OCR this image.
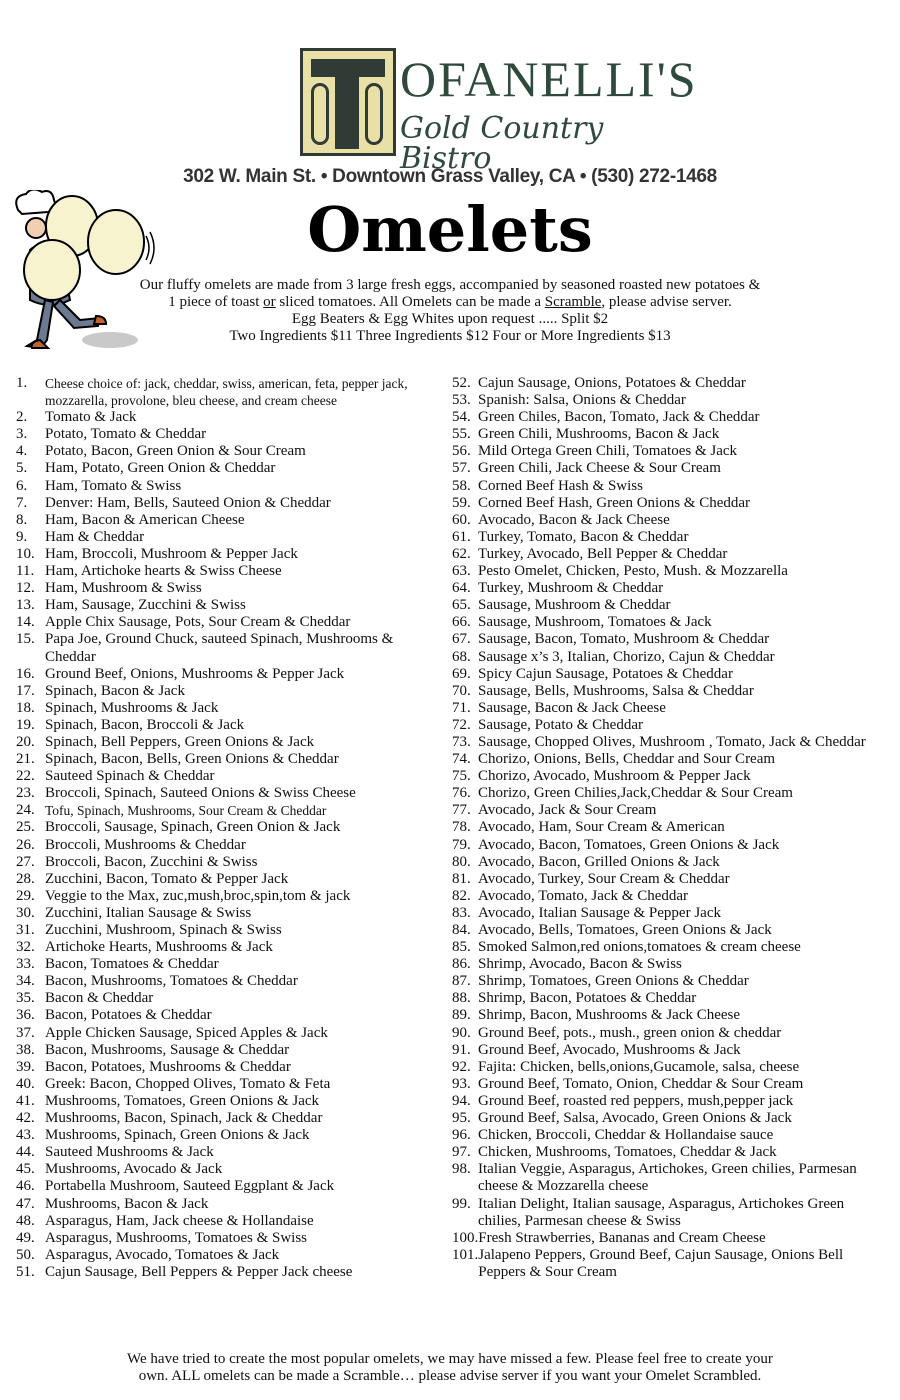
OFANELLI'S
Gold Country Bistro
302 W. Main St. • Downtown Grass Valley, CA • (530) 272-1468
Omelets
Our fluffy omelets are made from 3 large fresh eggs, accompanied by seasoned roasted new potatoes &
1 piece of toast or sliced tomatoes. All Omelets can be made a Scramble, please advise server.
Egg Beaters & Egg Whites upon request ..... Split $2
Two Ingredients $11 Three Ingredients $12 Four or More Ingredients $13
1.	Cheese choice of: jack, cheddar, swiss, american, feta, pepper jack, mozzarella, provolone, bleu cheese, and cream cheese
2.	Tomato & Jack
3.	Potato, Tomato & Cheddar
4.	Potato, Bacon, Green Onion & Sour Cream
5.	Ham, Potato, Green Onion & Cheddar
6.	Ham, Tomato & Swiss
7.	Denver: Ham, Bells, Sauteed Onion & Cheddar
8.	Ham, Bacon & American Cheese
9.	Ham & Cheddar
10. Ham, Broccoli, Mushroom & Pepper Jack
11. Ham, Artichoke hearts & Swiss Cheese
12. Ham, Mushroom & Swiss
13. Ham, Sausage, Zucchini & Swiss
14. Apple Chix Sausage, Pots, Sour Cream & Cheddar
15. Papa Joe, Ground Chuck, sauteed Spinach, Mushrooms & Cheddar
16. Ground Beef, Onions, Mushrooms & Pepper Jack
17. Spinach, Bacon & Jack
18. Spinach, Mushrooms & Jack
19. Spinach, Bacon, Broccoli & Jack
20. Spinach, Bell Peppers, Green Onions & Jack
21. Spinach, Bacon, Bells, Green Onions & Cheddar
22. Sauteed Spinach & Cheddar
23. Broccoli, Spinach, Sauteed Onions & Swiss Cheese
24. Tofu, Spinach, Mushrooms, Sour Cream & Cheddar
25. Broccoli, Sausage, Spinach, Green Onion & Jack
26. Broccoli, Mushrooms & Cheddar
27. Broccoli, Bacon, Zucchini & Swiss
28. Zucchini, Bacon, Tomato & Pepper Jack
29. Veggie to the Max, zuc,mush,broc,spin,tom & jack
30. Zucchini, Italian Sausage & Swiss
31. Zucchini, Mushroom, Spinach & Swiss
32. Artichoke Hearts, Mushrooms & Jack
33. Bacon, Tomatoes & Cheddar
34. Bacon, Mushrooms, Tomatoes & Cheddar
35. Bacon & Cheddar
36. Bacon, Potatoes & Cheddar
37. Apple Chicken Sausage, Spiced Apples & Jack
38. Bacon, Mushrooms, Sausage & Cheddar
39. Bacon, Potatoes, Mushrooms & Cheddar
40. Greek: Bacon, Chopped Olives, Tomato & Feta
41. Mushrooms, Tomatoes, Green Onions & Jack
42. Mushrooms, Bacon, Spinach, Jack & Cheddar
43. Mushrooms, Spinach, Green Onions & Jack
44. Sauteed Mushrooms & Jack
45. Mushrooms, Avocado & Jack
46. Portabella Mushroom, Sauteed Eggplant & Jack
47. Mushrooms, Bacon & Jack
48. Asparagus, Ham, Jack cheese & Hollandaise
49. Asparagus, Mushrooms, Tomatoes & Swiss
50. Asparagus, Avocado, Tomatoes & Jack
51. Cajun Sausage, Bell Peppers & Pepper Jack cheese
52. Cajun Sausage, Onions, Potatoes & Cheddar
53. Spanish: Salsa, Onions & Cheddar
54. Green Chiles, Bacon, Tomato, Jack & Cheddar
55. Green Chili, Mushrooms, Bacon & Jack
56. Mild Ortega Green Chili, Tomatoes & Jack
57. Green Chili, Jack Cheese & Sour Cream
58. Corned Beef Hash & Swiss
59. Corned Beef Hash, Green Onions & Cheddar
60. Avocado, Bacon & Jack Cheese
61. Turkey, Tomato, Bacon & Cheddar
62. Turkey, Avocado, Bell Pepper & Cheddar
63. Pesto Omelet, Chicken, Pesto, Mush. & Mozzarella
64. Turkey, Mushroom & Cheddar
65. Sausage, Mushroom & Cheddar
66. Sausage, Mushroom, Tomatoes & Jack
67. Sausage, Bacon, Tomato, Mushroom & Cheddar
68. Sausage x’s 3, Italian, Chorizo, Cajun & Cheddar
69. Spicy Cajun Sausage, Potatoes & Cheddar
70. Sausage, Bells, Mushrooms, Salsa & Cheddar
71. Sausage, Bacon & Jack Cheese
72. Sausage, Potato & Cheddar
73. Sausage, Chopped Olives, Mushroom , Tomato, Jack & Cheddar
74. Chorizo, Onions, Bells, Cheddar and Sour Cream
75. Chorizo, Avocado, Mushroom & Pepper Jack
76. Chorizo, Green Chilies,Jack,Cheddar & Sour Cream
77. Avocado, Jack & Sour Cream
78. Avocado, Ham, Sour Cream & American
79. Avocado, Bacon, Tomatoes, Green Onions & Jack
80. Avocado, Bacon, Grilled Onions & Jack
81. Avocado, Turkey, Sour Cream & Cheddar
82. Avocado, Tomato, Jack & Cheddar
83. Avocado, Italian Sausage & Pepper Jack
84. Avocado, Bells, Tomatoes, Green Onions & Jack
85. Smoked Salmon,red onions,tomatoes & cream cheese
86. Shrimp, Avocado, Bacon & Swiss
87. Shrimp, Tomatoes, Green Onions & Cheddar
88. Shrimp, Bacon, Potatoes & Cheddar
89. Shrimp, Bacon, Mushrooms & Jack Cheese
90. Ground Beef, pots., mush., green onion & cheddar
91. Ground Beef, Avocado, Mushrooms & Jack
92. Fajita: Chicken, bells,onions,Gucamole, salsa, cheese
93. Ground Beef, Tomato, Onion, Cheddar & Sour Cream
94. Ground Beef, roasted red peppers, mush,pepper jack
95. Ground Beef, Salsa, Avocado, Green Onions & Jack
96. Chicken, Broccoli, Cheddar & Hollandaise sauce
97. Chicken, Mushrooms, Tomatoes, Cheddar & Jack
98. Italian Veggie, Asparagus, Artichokes, Green chilies, Parmesan cheese & Mozzarella cheese
99. Italian Delight, Italian sausage, Asparagus, Artichokes Green chilies, Parmesan cheese & Swiss
100. Fresh Strawberries, Bananas and Cream Cheese
101. Jalapeno Peppers, Ground Beef, Cajun Sausage, Onions Bell Peppers & Sour Cream
We have tried to create the most popular omelets, we may have missed a few. Please feel free to create your
own. ALL omelets can be made a Scramble… please advise server if you want your Omelet Scrambled.
